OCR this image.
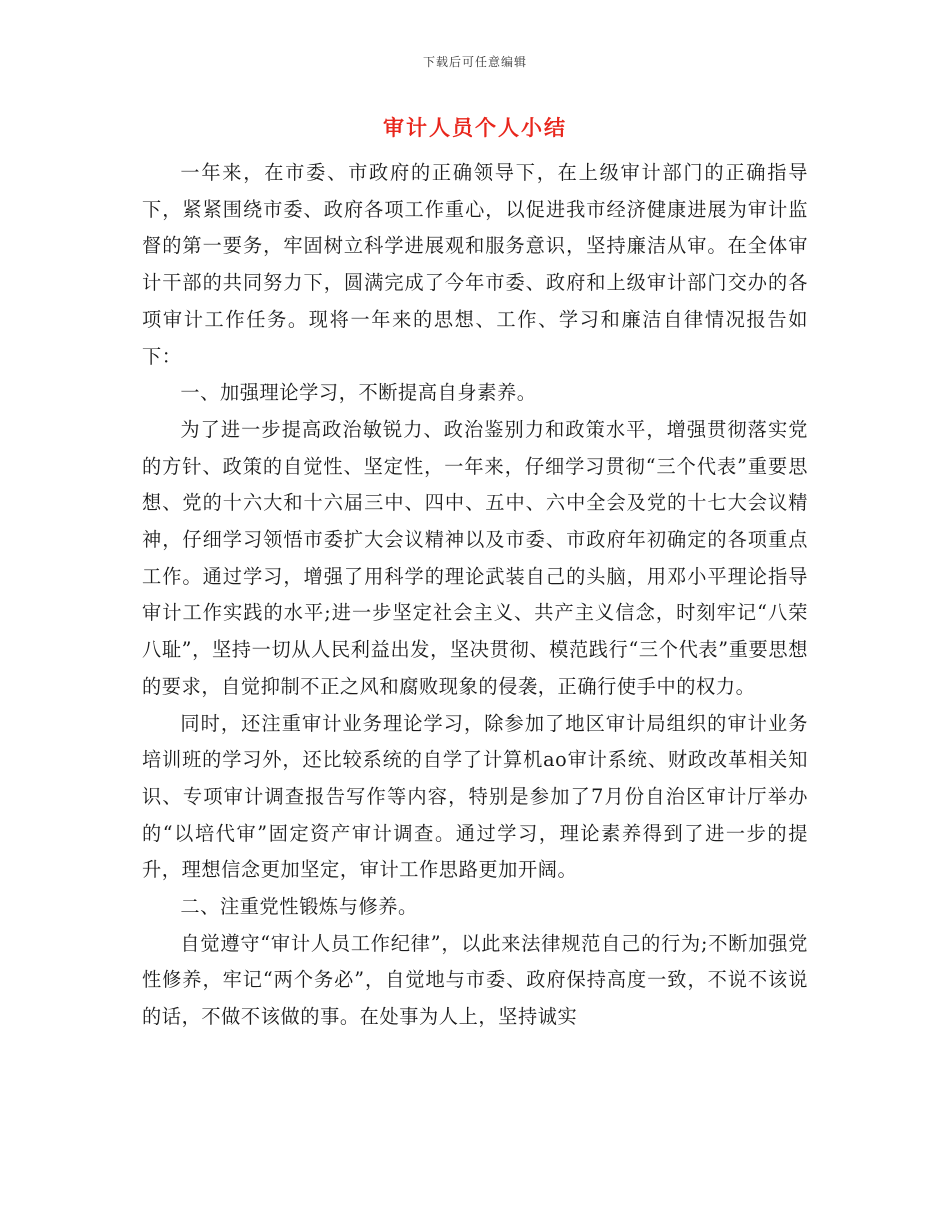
下载后可任意编辑
审计人员个人小结

一年来，在市委、市政府的正确领导下，在上级审计部门的正确指导下，紧紧围绕市委、政府各项工作重心，以促进我市经济健康进展为审计监督的第一要务，牢固树立科学进展观和服务意识，坚持廉洁从审。在全体审计干部的共同努力下，圆满完成了今年市委、政府和上级审计部门交办的各项审计工作任务。现将一年来的思想、工作、学习和廉洁自律情况报告如下：

一、加强理论学习，不断提高自身素养。

为了进一步提高政治敏锐力、政治鉴别力和政策水平，增强贯彻落实党的方针、政策的自觉性、坚定性，一年来，仔细学习贯彻“三个代表”重要思想、党的十六大和十六届三中、四中、五中、六中全会及党的十七大会议精神，仔细学习领悟市委扩大会议精神以及市委、市政府年初确定的各项重点工作。通过学习，增强了用科学的理论武装自己的头脑，用邓小平理论指导审计工作实践的水平;进一步坚定社会主义、共产主义信念，时刻牢记“八荣八耻”，坚持一切从人民利益出发，坚决贯彻、模范践行“三个代表”重要思想的要求，自觉抑制不正之风和腐败现象的侵袭，正确行使手中的权力。

同时，还注重审计业务理论学习，除参加了地区审计局组织的审计业务培训班的学习外，还比较系统的自学了计算机ao审计系统、财政改革相关知识、专项审计调查报告写作等内容，特别是参加了7月份自治区审计厅举办的“以培代审”固定资产审计调查。通过学习，理论素养得到了进一步的提升，理想信念更加坚定，审计工作思路更加开阔。

二、注重党性锻炼与修养。

自觉遵守“审计人员工作纪律”，以此来法律规范自己的行为;不断加强党性修养，牢记“两个务必”，自觉地与市委、政府保持高度一致，不说不该说的话，不做不该做的事。在处事为人上，坚持诚实
